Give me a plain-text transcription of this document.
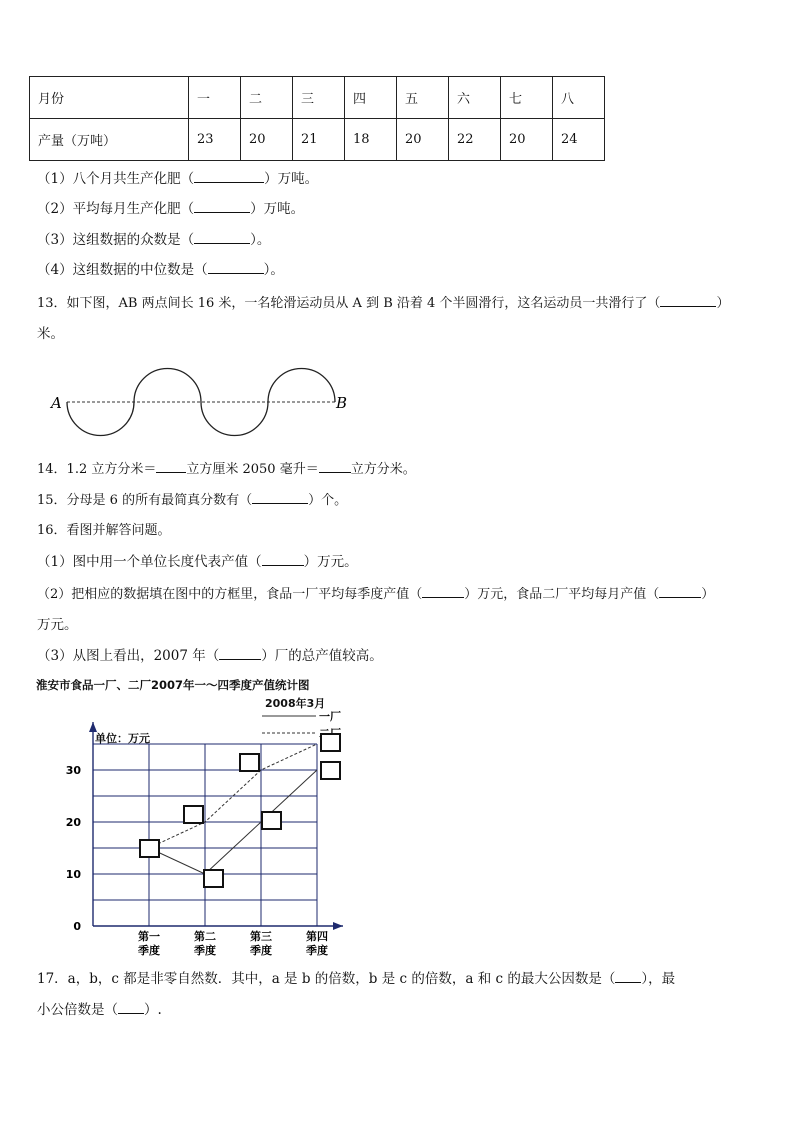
月份	一	二	三	四	五	六	七	八
产量（万吨）	23	20	21	18	20	22	20	24
（1）八个月共生产化肥（	）万吨。
（2）平均每月生产化肥（	）万吨。
（3）这组数据的众数是（	）。
（4）这组数据的中位数是（	）。
13．如下图，AB 两点间长 16 米，一名轮滑运动员从 A 到 B 沿着 4 个半圆滑行，这名运动员一共滑行了（	）
米。
A	B
14．1.2 立方分米＝ 立方厘米 2050 毫升＝ 立方分米。
15．分母是 6 的所有最简真分数有（	）个。
16．看图并解答问题。
（1）图中用一个单位长度代表产值（	）万元。
（2）把相应的数据填在图中的方框里，食品一厂平均每季度产值（	）万元，食品二厂平均每月产值（	）
万元。
（3）从图上看出，2007 年（	）厂的总产值较高。
淮安市食品一厂、二厂2007年一～四季度产值统计图
2008年3月
单位：万元
0
10
20
30
第一
季度
第二
季度
第三
季度
第四
季度
一厂
17．a，b，c 都是非零自然数．其中，a 是 b 的倍数，b 是 c 的倍数，a 和 c 的最大公因数是（ ），最
小公倍数是（ ）.
